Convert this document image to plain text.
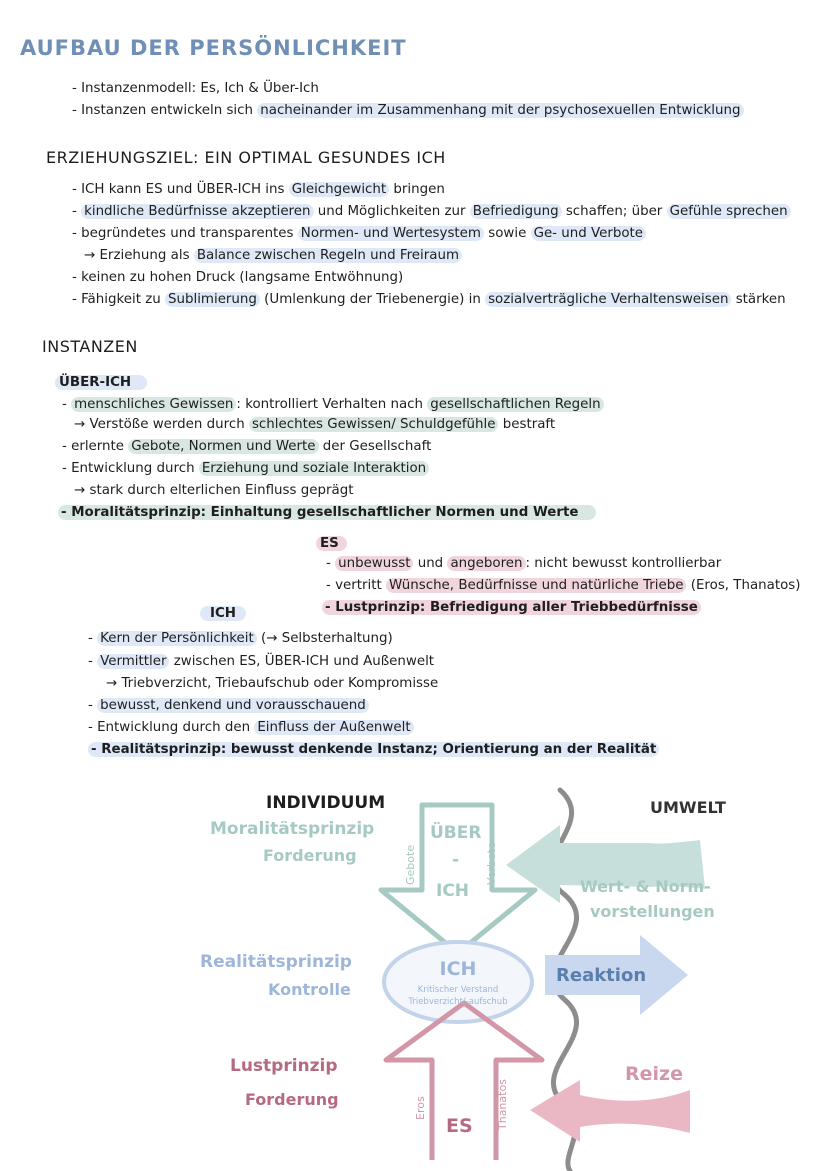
AUFBAU DER PERSÖNLICHKEIT
- Instanzenmodell: Es, Ich & Über-Ich
- Instanzen entwickeln sich nacheinander im Zusammenhang mit der psychosexuellen Entwicklung
ERZIEHUNGSZIEL: EIN OPTIMAL GESUNDES ICH
- ICH kann ES und ÜBER-ICH ins Gleichgewicht bringen
- kindliche Bedürfnisse akzeptieren und Möglichkeiten zur Befriedigung schaffen; über Gefühle sprechen
- begründetes und transparentes Normen- und Wertesystem sowie Ge- und Verbote
→ Erziehung als Balance zwischen Regeln und Freiraum
- keinen zu hohen Druck (langsame Entwöhnung)
- Fähigkeit zu Sublimierung (Umlenkung der Triebenergie) in sozialverträgliche Verhaltensweisen stärken
INSTANZEN
ÜBER-ICH
- menschliches Gewissen : kontrolliert Verhalten nach gesellschaftlichen Regeln
→ Verstöße werden durch schlechtes Gewissen/ Schuldgefühle bestraft
- erlernte Gebote, Normen und Werte der Gesellschaft
- Entwicklung durch Erziehung und soziale Interaktion
→ stark durch elterlichen Einfluss geprägt
- Moralitätsprinzip: Einhaltung gesellschaftlicher Normen und Werte
ES
- unbewusst und angeboren : nicht bewusst kontrollierbar
- vertritt Wünsche, Bedürfnisse und natürliche Triebe (Eros, Thanatos)
- Lustprinzip: Befriedigung aller Triebbedürfnisse
ICH
- Kern der Persönlichkeit (→ Selbsterhaltung)
- Vermittler zwischen ES, ÜBER-ICH und Außenwelt
→ Triebverzicht, Triebaufschub oder Kompromisse
- bewusst, denkend und vorausschauend
- Entwicklung durch den Einfluss der Außenwelt
- Realitätsprinzip: bewusst denkende Instanz; Orientierung an der Realität
INDIVIDUUM	UMWELT
Moralitätsprinzip
Forderung
ÜBER
-
ICH
Gebote	Verbote
Wert- & Norm-
vorstellungen
Realitätsprinzip
Kontrolle
ICH
Kritischer Verstand
Triebverzicht/-aufschub
Reaktion
Lustprinzip
Forderung
Reize
Eros	Thanatos
ES
